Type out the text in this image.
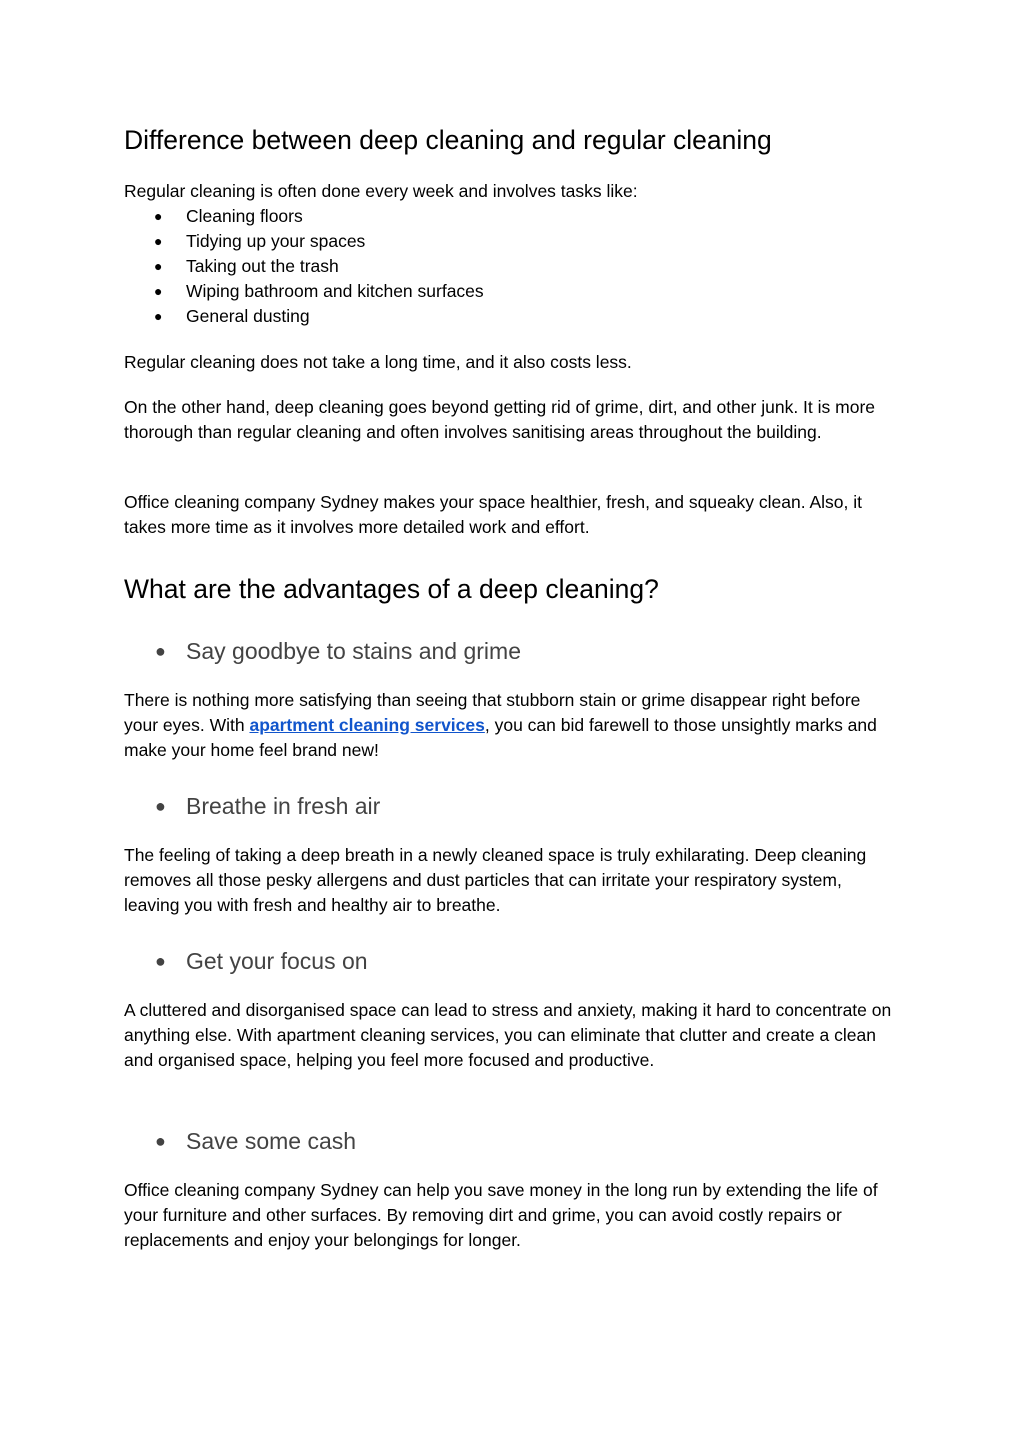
Difference between deep cleaning and regular cleaning

Regular cleaning is often done every week and involves tasks like:

● Cleaning floors
● Tidying up your spaces
● Taking out the trash
● Wiping bathroom and kitchen surfaces
● General dusting

Regular cleaning does not take a long time, and it also costs less.

On the other hand, deep cleaning goes beyond getting rid of grime, dirt, and other junk. It is more thorough than regular cleaning and often involves sanitising areas throughout the building.

Office cleaning company Sydney makes your space healthier, fresh, and squeaky clean. Also, it takes more time as it involves more detailed work and effort.

What are the advantages of a deep cleaning?
● Say goodbye to stains and grime

There is nothing more satisfying than seeing that stubborn stain or grime disappear right before your eyes. With apartment cleaning services, you can bid farewell to those unsightly marks and make your home feel brand new!

● Breathe in fresh air

The feeling of taking a deep breath in a newly cleaned space is truly exhilarating. Deep cleaning removes all those pesky allergens and dust particles that can irritate your respiratory system, leaving you with fresh and healthy air to breathe.

● Get your focus on

A cluttered and disorganised space can lead to stress and anxiety, making it hard to concentrate on anything else. With apartment cleaning services, you can eliminate that clutter and create a clean and organised space, helping you feel more focused and productive.

● Save some cash

Office cleaning company Sydney can help you save money in the long run by extending the life of your furniture and other surfaces. By removing dirt and grime, you can avoid costly repairs or replacements and enjoy your belongings for longer.
